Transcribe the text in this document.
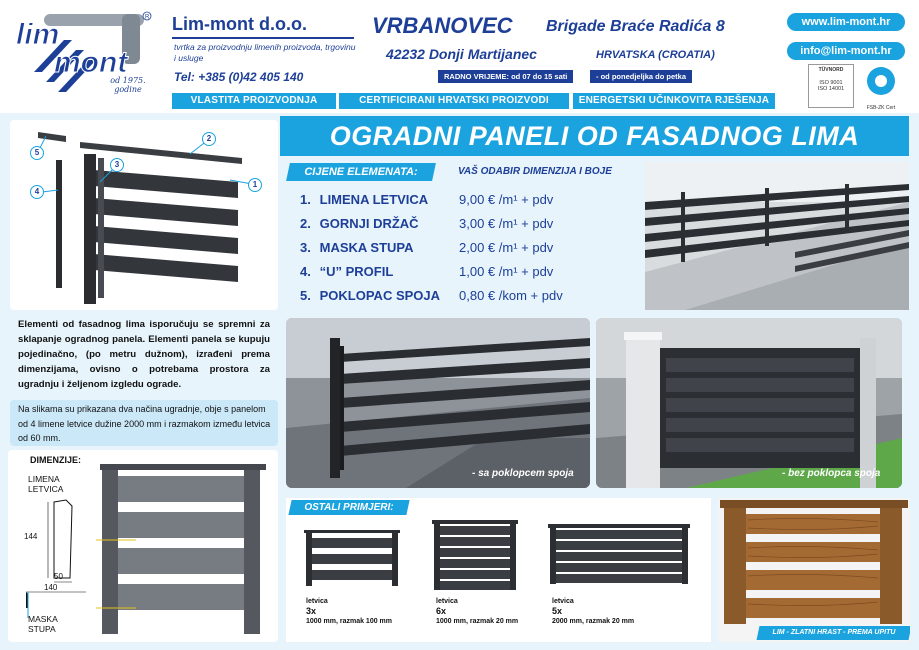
lim
mont
R
od 1975. godine
Lim-mont d.o.o.
tvrtka za proizvodnju limenih proizvoda, trgovinu i usluge
Tel: +385 (0)42 405 140
VRBANOVEC Brigade Braće Radića 8
42232 Donji Martijanec	HRVATSKA (CROATIA)
RADNO VRIJEME: od 07 do 15 sati	- od ponedjeljka do petka
www.lim-mont.hr
info@lim-mont.hr
TÜVNORD
ISO 9001
ISO 14001
FSB-ZK Cert
VLASTITA PROIZVODNJA	CERTIFICIRANI HRVATSKI PROIZVODI	ENERGETSKI UČINKOVITA RJEŠENJA
1
2
3
4
5
OGRADNI PANELI OD FASADNOG LIMA
CIJENE ELEMENATA:	VAŠ ODABIR DIMENZIJA I BOJE
1. LIMENA LETVICA 9,00 € /m¹ + pdv
2. GORNJI DRŽAČ	3,00 € /m¹ + pdv
3. MASKA STUPA	2,00 € /m¹ + pdv
4. “U” PROFIL	1,00 € /m¹ + pdv
5. POKLOPAC SPOJA 0,80 € /kom + pdv
Elementi od fasadnog lima isporučuju se spremni za sklapanje ogradnog panela. Elementi panela se kupuju pojedinačno, (po metru dužnom), izrađeni prema dimenzijama, ovisno o potrebama prostora za ugradnju i željenom izgledu ograde.
Na slikama su prikazana dva načina ugradnje, obje s panelom od 4 limene letvice dužine 2000 mm i razmakom između letvica od 60 mm.
- sa poklopcem spoja	- bez poklopca spoja
DIMENZIJE:
LIMENA
LETVICA
144
50
140
MASKA
STUPA
OSTALI PRIMJERI:
letvica
3x
1000 mm, razmak 100 mm
letvica
6x
1000 mm, razmak 20 mm
letvica
5x
2000 mm, razmak 20 mm
LIM - ZLATNI HRAST - PREMA UPITU
